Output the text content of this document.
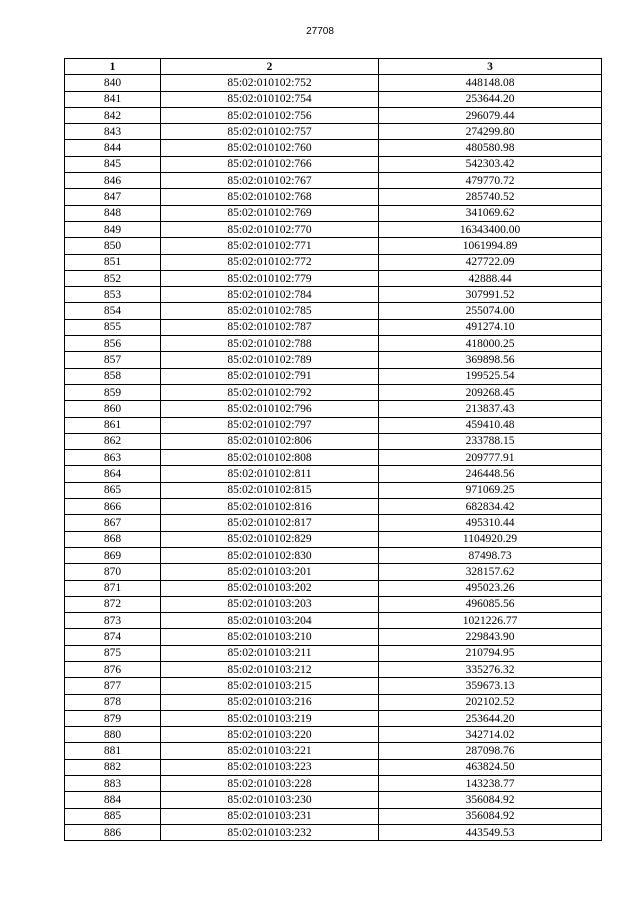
27708
1	2	3
840	85:02:010102:752	448148.08
841	85:02:010102:754	253644.20
842	85:02:010102:756	296079.44
843	85:02:010102:757	274299.80
844	85:02:010102:760	480580.98
845	85:02:010102:766	542303.42
846	85:02:010102:767	479770.72
847	85:02:010102:768	285740.52
848	85:02:010102:769	341069.62
849	85:02:010102:770	16343400.00
850	85:02:010102:771	1061994.89
851	85:02:010102:772	427722.09
852	85:02:010102:779	42888.44
853	85:02:010102:784	307991.52
854	85:02:010102:785	255074.00
855	85:02:010102:787	491274.10
856	85:02:010102:788	418000.25
857	85:02:010102:789	369898.56
858	85:02:010102:791	199525.54
859	85:02:010102:792	209268.45
860	85:02:010102:796	213837.43
861	85:02:010102:797	459410.48
862	85:02:010102:806	233788.15
863	85:02:010102:808	209777.91
864	85:02:010102:811	246448.56
865	85:02:010102:815	971069.25
866	85:02:010102:816	682834.42
867	85:02:010102:817	495310.44
868	85:02:010102:829	1104920.29
869	85:02:010102:830	87498.73
870	85:02:010103:201	328157.62
871	85:02:010103:202	495023.26
872	85:02:010103:203	496085.56
873	85:02:010103:204	1021226.77
874	85:02:010103:210	229843.90
875	85:02:010103:211	210794.95
876	85:02:010103:212	335276.32
877	85:02:010103:215	359673.13
878	85:02:010103:216	202102.52
879	85:02:010103:219	253644.20
880	85:02:010103:220	342714.02
881	85:02:010103:221	287098.76
882	85:02:010103:223	463824.50
883	85:02:010103:228	143238.77
884	85:02:010103:230	356084.92
885	85:02:010103:231	356084.92
886	85:02:010103:232	443549.53
